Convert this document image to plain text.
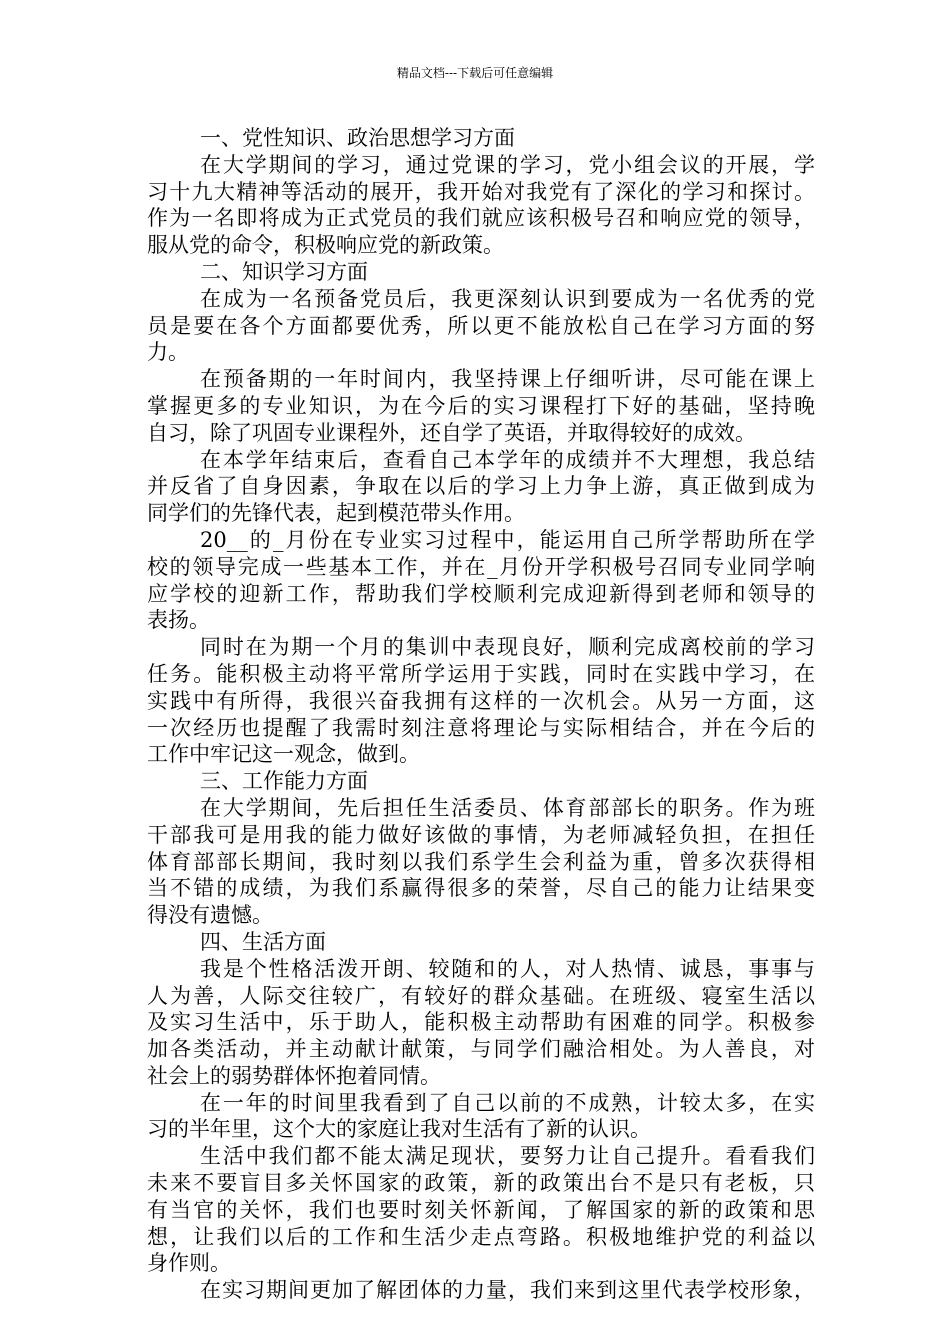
精品文档---下载后可任意编辑
一、党性知识、政治思想学习方面
在大学期间的学习，通过党课的学习，党小组会议的开展，学
习十九大精神等活动的展开，我开始对我党有了深化的学习和探讨。
作为一名即将成为正式党员的我们就应该积极号召和响应党的领导，
服从党的命令，积极响应党的新政策。
二、知识学习方面
在成为一名预备党员后，我更深刻认识到要成为一名优秀的党
员是要在各个方面都要优秀，所以更不能放松自己在学习方面的努
力。
在预备期的一年时间内，我坚持课上仔细听讲，尽可能在课上
掌握更多的专业知识，为在今后的实习课程打下好的基础，坚持晚
自习，除了巩固专业课程外，还自学了英语，并取得较好的成效。
在本学年结束后，查看自己本学年的成绩并不大理想，我总结
并反省了自身因素，争取在以后的学习上力争上游，真正做到成为
同学们的先锋代表，起到模范带头作用。
20__的_月份在专业实习过程中，能运用自己所学帮助所在学
校的领导完成一些基本工作，并在_月份开学积极号召同专业同学响
应学校的迎新工作，帮助我们学校顺利完成迎新得到老师和领导的
表扬。
同时在为期一个月的集训中表现良好，顺利完成离校前的学习
任务。能积极主动将平常所学运用于实践，同时在实践中学习，在
实践中有所得，我很兴奋我拥有这样的一次机会。从另一方面，这
一次经历也提醒了我需时刻注意将理论与实际相结合，并在今后的
工作中牢记这一观念，做到。
三、工作能力方面
在大学期间，先后担任生活委员、体育部部长的职务。作为班
干部我可是用我的能力做好该做的事情，为老师减轻负担，在担任
体育部部长期间，我时刻以我们系学生会利益为重，曾多次获得相
当不错的成绩，为我们系赢得很多的荣誉，尽自己的能力让结果变
得没有遗憾。
四、生活方面
我是个性格活泼开朗、较随和的人，对人热情、诚恳，事事与
人为善，人际交往较广，有较好的群众基础。在班级、寝室生活以
及实习生活中，乐于助人，能积极主动帮助有困难的同学。积极参
加各类活动，并主动献计献策，与同学们融洽相处。为人善良，对
社会上的弱势群体怀抱着同情。
在一年的时间里我看到了自己以前的不成熟，计较太多，在实
习的半年里，这个大的家庭让我对生活有了新的认识。
生活中我们都不能太满足现状，要努力让自己提升。看看我们
未来不要盲目多关怀国家的政策，新的政策出台不是只有老板，只
有当官的关怀，我们也要时刻关怀新闻，了解国家的新的政策和思
想，让我们以后的工作和生活少走点弯路。积极地维护党的利益以
身作则。
在实习期间更加了解团体的力量，我们来到这里代表学校形象，
